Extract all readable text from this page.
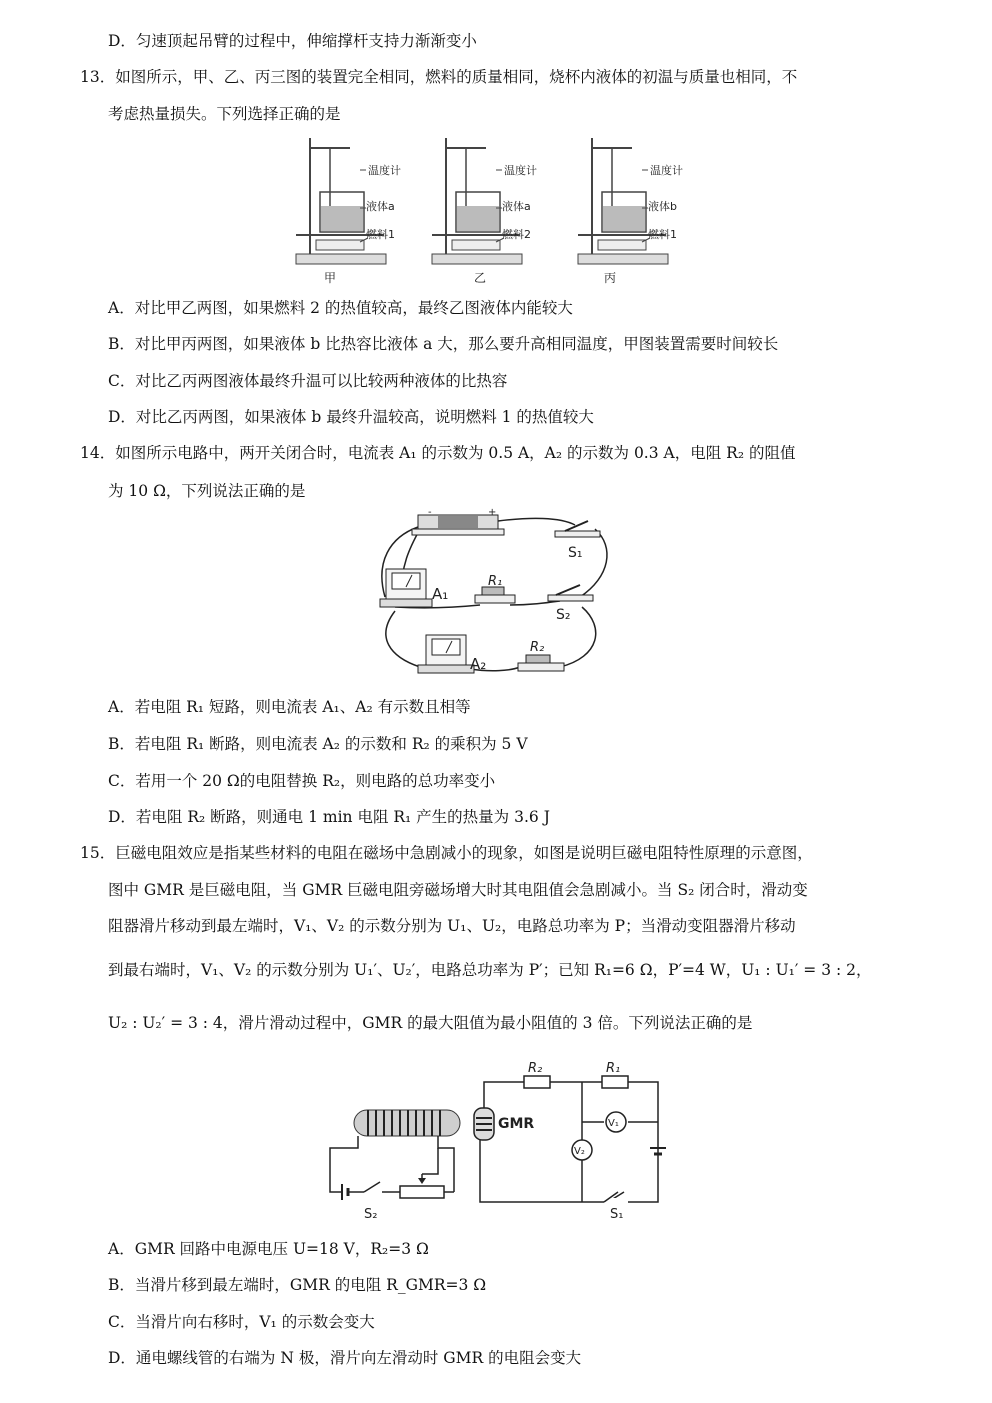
D．匀速顶起吊臂的过程中，伸缩撑杆支持力渐渐变小
13．如图所示，甲、乙、丙三图的装置完全相同，燃料的质量相同，烧杯内液体的初温与质量也相同，不
考虑热量损失。下列选择正确的是
温度计
液体a
燃料1
甲
温度计
液体a
燃料2
乙
温度计
液体b
燃料1
丙
A．对比甲乙两图，如果燃料 2 的热值较高，最终乙图液体内能较大
B．对比甲丙两图，如果液体 b 比热容比液体 a 大，那么要升高相同温度，甲图装置需要时间较长
C．对比乙丙两图液体最终升温可以比较两种液体的比热容
D．对比乙丙两图，如果液体 b 最终升温较高，说明燃料 1 的热值较大
14．如图所示电路中，两开关闭合时，电流表 A₁ 的示数为 0.5 A，A₂ 的示数为 0.3 A，电阻 R₂ 的阻值
为 10 Ω，下列说法正确的是
-	+
S₁
A₁
R₁
S₂
R₂
A₂
A．若电阻 R₁ 短路，则电流表 A₁、A₂ 有示数且相等
B．若电阻 R₁ 断路，则电流表 A₂ 的示数和 R₂ 的乘积为 5 V
C．若用一个 20 Ω的电阻替换 R₂，则电路的总功率变小
D．若电阻 R₂ 断路，则通电 1 min 电阻 R₁ 产生的热量为 3.6 J
15．巨磁电阻效应是指某些材料的电阻在磁场中急剧减小的现象，如图是说明巨磁电阻特性原理的示意图，
图中 GMR 是巨磁电阻，当 GMR 巨磁电阻旁磁场增大时其电阻值会急剧减小。当 S₂ 闭合时，滑动变
阻器滑片移动到最左端时，V₁、V₂ 的示数分别为 U₁、U₂，电路总功率为 P；当滑动变阻器滑片移动
到最右端时，V₁、V₂ 的示数分别为 U₁′、U₂′，电路总功率为 P′；已知 R₁=6 Ω，P′=4 W，U₁ : U₁′ = 3 : 2，
U₂ : U₂′ = 3 : 4，滑片滑动过程中，GMR 的最大阻值为最小阻值的 3 倍。下列说法正确的是
S₂
GMR
R₂	R₁
V₁
V₂
S₁
A．GMR 回路中电源电压 U=18 V，R₂=3 Ω
B．当滑片移到最左端时，GMR 的电阻 R_GMR=3 Ω
C．当滑片向右移时，V₁ 的示数会变大
D．通电螺线管的右端为 N 极，滑片向左滑动时 GMR 的电阻会变大
